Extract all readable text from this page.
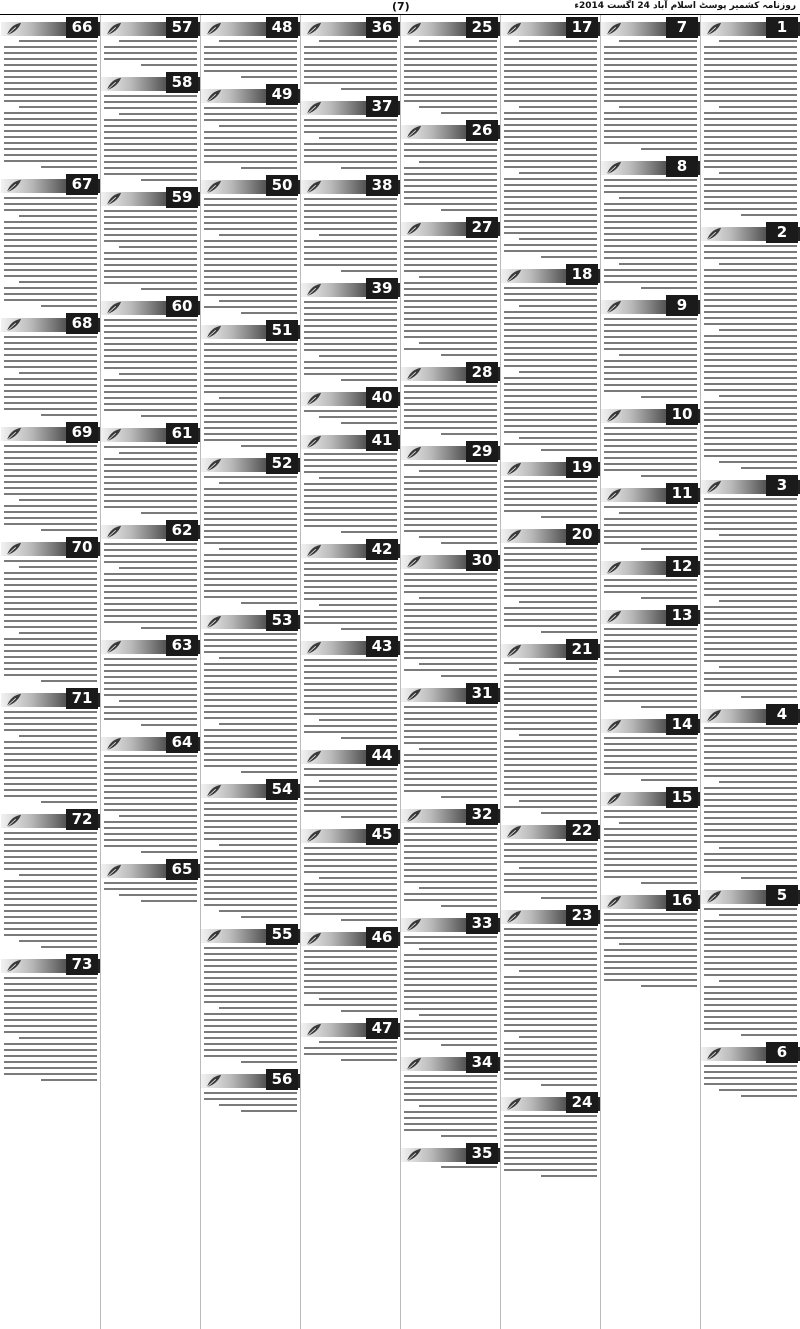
روزنامہ کشمیر پوسٹ اسلام آباد 24 اگست 2014ء
(7)
1
2
3
4
5
6
7
8
9
10
11
12
13
14
15
16
17
18
19
20
21
22
23
24
25
26
27
28
29
30
31
32
33
34
35
36
37
38
39
40
41
42
43
44
45
46
47
48
49
50
51
52
53
54
55
56
57
58
59
60
61
62
63
64
65
66
67
68
69
70
71
72
73
